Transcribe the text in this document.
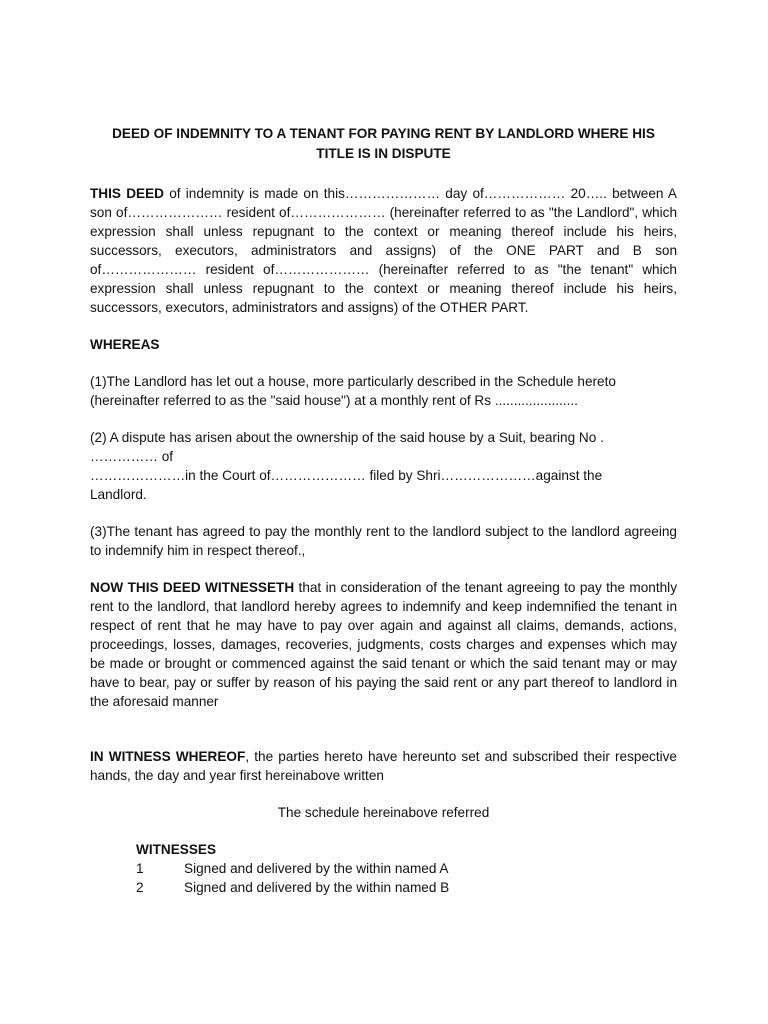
DEED OF INDEMNITY TO A TENANT FOR PAYING RENT BY LANDLORD WHERE HIS
TITLE IS IN DISPUTE

THIS DEED of indemnity is made on this………………… day of……………… 20….. between A son of………………… resident of………………… (hereinafter referred to as "the Landlord", which expression shall unless repugnant to the context or meaning thereof include his heirs, successors, executors, administrators and assigns) of the ONE PART and B son of………………… resident of………………… (hereinafter referred to as "the tenant" which expression shall unless repugnant to the context or meaning thereof include his heirs, successors, executors, administrators and assigns) of the OTHER PART.

WHEREAS

(1)The Landlord has let out a house, more particularly described in the Schedule hereto (hereinafter referred to as the "said house") at a monthly rent of Rs ......................

(2) A dispute has arisen about the ownership of the said house by a Suit, bearing No .
…………… of
…………………in the Court of………………… filed by Shri…………………against the
Landlord.

(3)The tenant has agreed to pay the monthly rent to the landlord subject to the landlord agreeing to indemnify him in respect thereof.,

NOW THIS DEED WITNESSETH that in consideration of the tenant agreeing to pay the monthly rent to the landlord, that landlord hereby agrees to indemnify and keep indemnified the tenant in respect of rent that he may have to pay over again and against all claims, demands, actions, proceedings, losses, damages, recoveries, judgments, costs charges and expenses which may be made or brought or commenced against the said tenant or which the said tenant may or may have to bear, pay or suffer by reason of his paying the said rent or any part thereof to landlord in the aforesaid manner

IN WITNESS WHEREOF, the parties hereto have hereunto set and subscribed their respective hands, the day and year first hereinabove written

The schedule hereinabove referred

WITNESSES
1	Signed and delivered by the within named A
2	Signed and delivered by the within named B
